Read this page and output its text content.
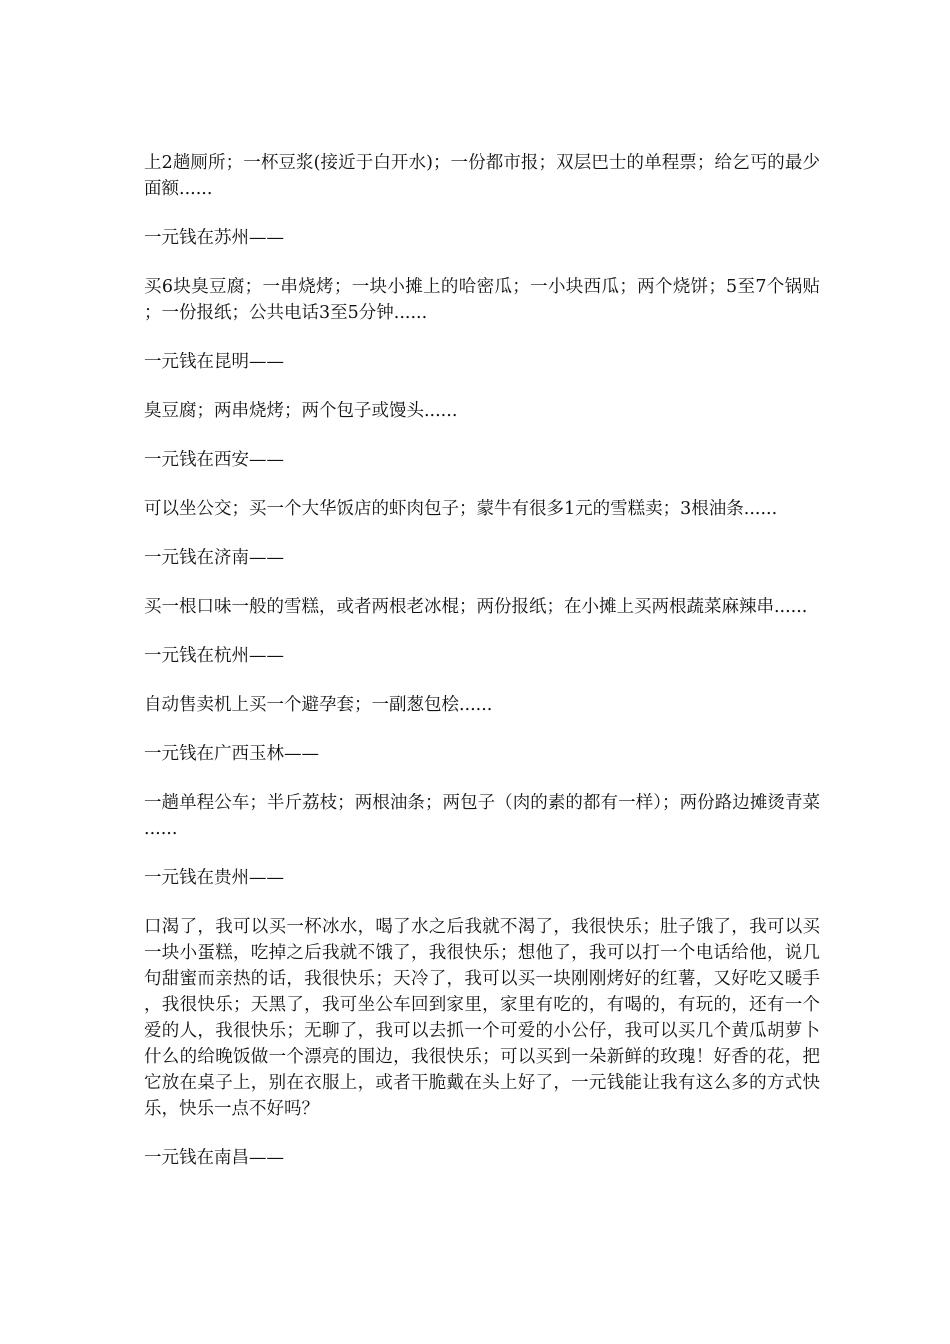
上2趟厕所；一杯豆浆(接近于白开水)；一份都市报；双层巴士的单程票；给乞丐的最少面额......

一元钱在苏州——

买6块臭豆腐；一串烧烤；一块小摊上的哈密瓜；一小块西瓜；两个烧饼；5至7个锅贴；一份报纸；公共电话3至5分钟......

一元钱在昆明——

臭豆腐；两串烧烤；两个包子或馒头......

一元钱在西安——

可以坐公交；买一个大华饭店的虾肉包子；蒙牛有很多1元的雪糕卖；3根油条......

一元钱在济南——

买一根口味一般的雪糕，或者两根老冰棍；两份报纸；在小摊上买两根蔬菜麻辣串......

一元钱在杭州——

自动售卖机上买一个避孕套；一副葱包桧......

一元钱在广西玉林——

一趟单程公车；半斤荔枝；两根油条；两包子（肉的素的都有一样）；两份路边摊烫青菜......

一元钱在贵州——

口渴了，我可以买一杯冰水，喝了水之后我就不渴了，我很快乐；肚子饿了，我可以买一块小蛋糕，吃掉之后我就不饿了，我很快乐；想他了，我可以打一个电话给他，说几句甜蜜而亲热的话，我很快乐；天冷了，我可以买一块刚刚烤好的红薯，又好吃又暖手，我很快乐；天黑了，我可坐公车回到家里，家里有吃的，有喝的，有玩的，还有一个爱的人，我很快乐；无聊了，我可以去抓一个可爱的小公仔，我可以买几个黄瓜胡萝卜什么的给晚饭做一个漂亮的围边，我很快乐；可以买到一朵新鲜的玫瑰！好香的花，把它放在桌子上，别在衣服上，或者干脆戴在头上好了，一元钱能让我有这么多的方式快乐，快乐一点不好吗？

一元钱在南昌——
